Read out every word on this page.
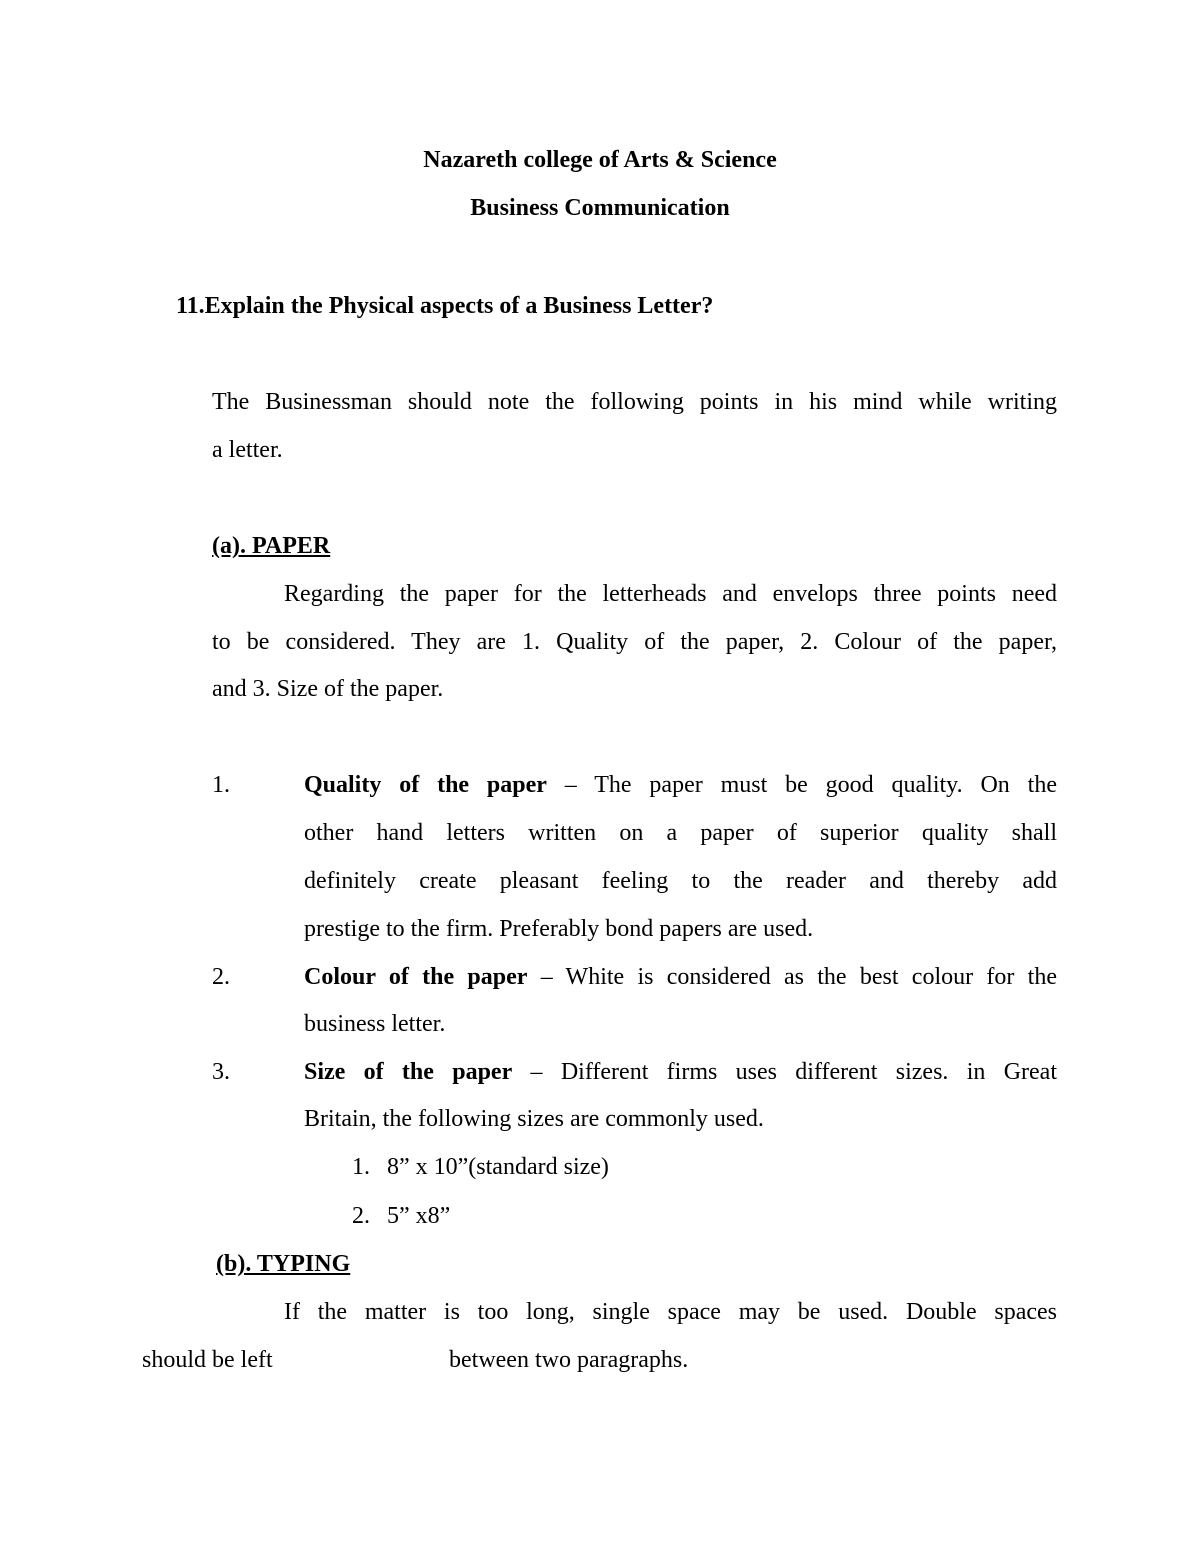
Nazareth college of Arts & Science
Business Communication
11.Explain the Physical aspects of a Business Letter?
The Businessman should note the following points in his mind while writing
a letter.
(a). PAPER
Regarding the paper for the letterheads and envelops three points need
to be considered. They are 1. Quality of the paper, 2. Colour of the paper,
and 3. Size of the paper.
1.	Quality of the paper – The paper must be good quality. On the
other hand letters written on a paper of superior quality shall
definitely create pleasant feeling to the reader and thereby add
prestige to the firm. Preferably bond papers are used.
2.	Colour of the paper – White is considered as the best colour for the
business letter.
3.	Size of the paper – Different firms uses different sizes. in Great
Britain, the following sizes are commonly used.
1. 8” x 10”(standard size)
2. 5” x8”
(b). TYPING
If the matter is too long, single space may be used. Double spaces
should be left	between two paragraphs.
